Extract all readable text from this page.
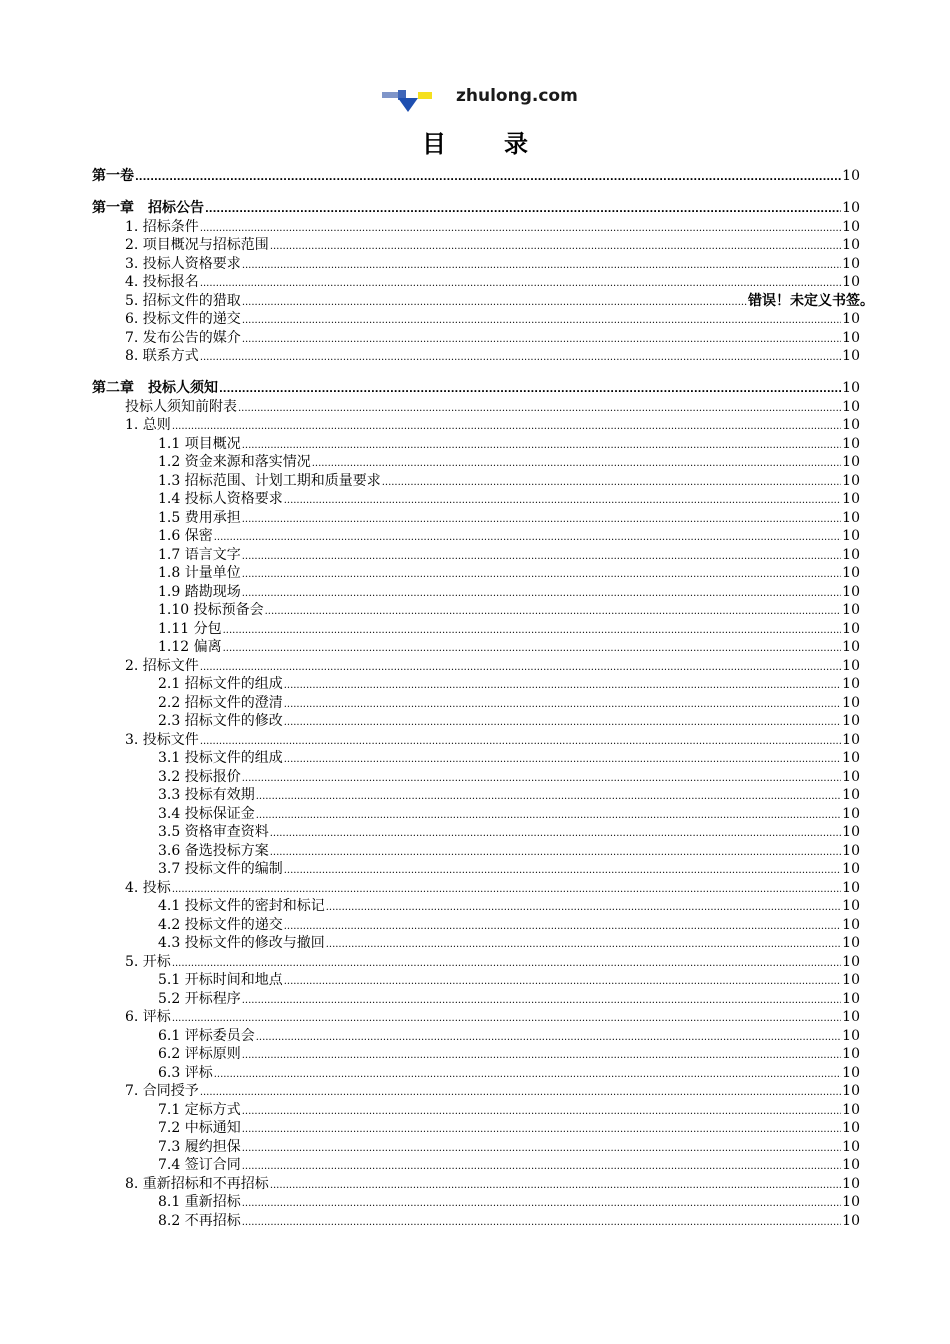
zhulong.com
目录
第一卷 .....	10
第一章　招标公告 .....	10
1. 招标条件 .....	10
2. 项目概况与招标范围 .....	10
3. 投标人资格要求 .....	10
4. 投标报名 .....	10
5. 招标文件的猎取 .....	错误！未定义书签。
6. 投标文件的递交 .....	10
7. 发布公告的媒介 .....	10
8. 联系方式 .....	10
第二章　投标人须知 .....	10
投标人须知前附表 .....	10
1. 总则 .....	10
1.1 项目概况 .....	10
1.2 资金来源和落实情况 .....	10
1.3 招标范围、计划工期和质量要求 .....	10
1.4 投标人资格要求 .....	10
1.5 费用承担 .....	10
1.6 保密 .....	10
1.7 语言文字 .....	10
1.8 计量单位 .....	10
1.9 踏勘现场 .....	10
1.10 投标预备会 .....	10
1.11 分包 .....	10
1.12 偏离 .....	10
2. 招标文件 .....	10
2.1 招标文件的组成 .....	10
2.2 招标文件的澄清 .....	10
2.3 招标文件的修改 .....	10
3. 投标文件 .....	10
3.1 投标文件的组成 .....	10
3.2 投标报价 .....	10
3.3 投标有效期 .....	10
3.4 投标保证金 .....	10
3.5 资格审查资料 .....	10
3.6 备选投标方案 .....	10
3.7 投标文件的编制 .....	10
4. 投标 .....	10
4.1 投标文件的密封和标记 .....	10
4.2 投标文件的递交 .....	10
4.3 投标文件的修改与撤回 .....	10
5. 开标 .....	10
5.1 开标时间和地点 .....	10
5.2 开标程序 .....	10
6. 评标 .....	10
6.1 评标委员会 .....	10
6.2 评标原则 .....	10
6.3 评标 .....	10
7. 合同授予 .....	10
7.1 定标方式 .....	10
7.2 中标通知 .....	10
7.3 履约担保 .....	10
7.4 签订合同 .....	10
8. 重新招标和不再招标 .....	10
8.1 重新招标 .....	10
8.2 不再招标 .....	10
